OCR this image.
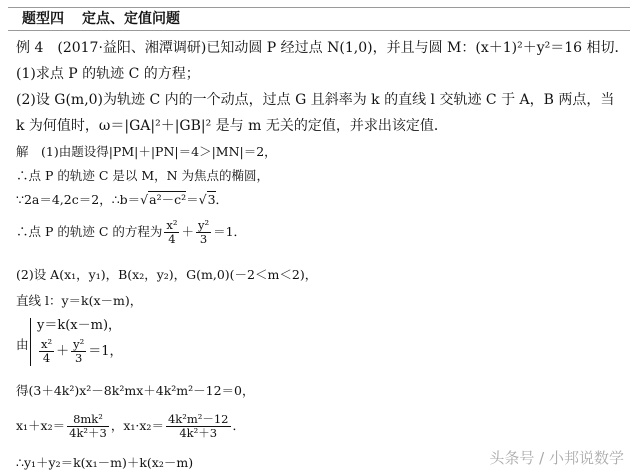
题型四 定点、定值问题
例 4　(2017·益阳、湘潭调研)已知动圆 P 经过点 N(1,0)，并且与圆 M：(x＋1)²＋y²＝16 相切．
(1)求点 P 的轨迹 C 的方程；
(2)设 G(m,0)为轨迹 C 内的一个动点，过点 G 且斜率为 k 的直线 l 交轨迹 C 于 A，B 两点，当
k 为何值时，ω＝|GA|²＋|GB|² 是与 m 无关的定值，并求出该定值．
解　(1)由题设得|PM|＋|PN|＝4＞|MN|＝2，
∴点 P 的轨迹 C 是以 M，N 为焦点的椭圆，
∵2a＝4,2c＝2，∴b＝√a²－c²＝√3．
∴点 P 的轨迹 C 的方程为 $\frac{\text{x²}}{4} + \frac{\text{y²}}{3} =1$．
(2)设 A(x₁，y₁)，B(x₂，y₂)，G(m,0)(－2＜m＜2)，
直线 l：y＝k(x－m)，
由
y＝k(x－m)，
$\frac{\text{x²}}{4} + \frac{\text{y²}}{3} =1$，
得(3＋4k²)x²－8k²mx＋4k²m²－12＝0，
$x_1+x_2= \frac{\text{8mk²}}{\text{4k²＋3}}$ ，$x_1\cdot x_2= \frac{\text{4k²m²－12}}{\text{4k²＋3}}$ ．
∴y₁＋y₂＝k(x₁－m)＋k(x₂－m)	头条号 / 小邦说数学
